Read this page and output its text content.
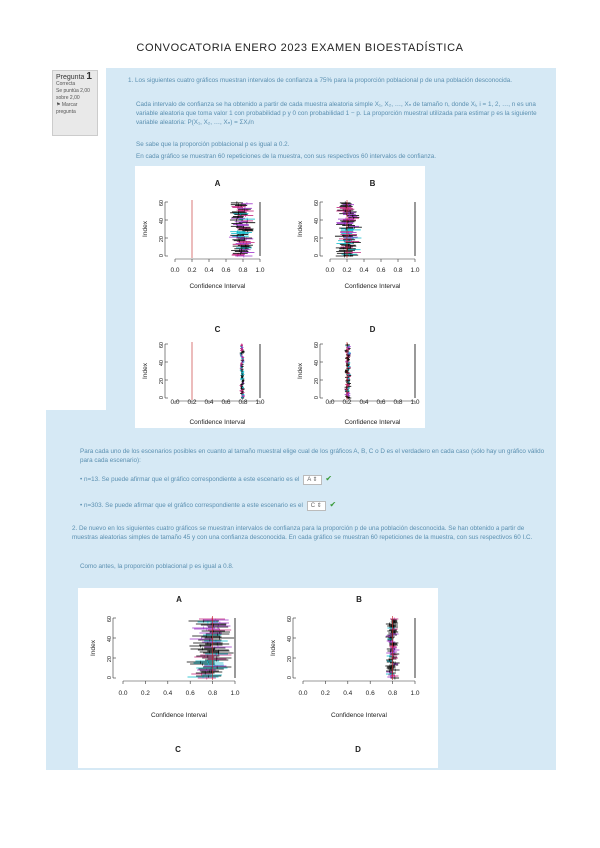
CONVOCATORIA ENERO 2023 EXAMEN BIOESTADÍSTICA
Pregunta 1
Correcta
Se puntúa 2,00 sobre 2,00
⚑ Marcar pregunta
1. Los siguientes cuatro gráficos muestran intervalos de confianza a 75% para la proporción poblacional p de una población desconocida.
Cada intervalo de confianza se ha obtenido a partir de cada muestra aleatoria simple X₁, X₂, …, Xₙ de tamaño n, donde Xᵢ, i = 1, 2, …, n es una variable aleatoria que toma valor 1 con probabilidad p y 0 con probabilidad 1 − p. La proporción muestral utilizada para estimar p es la siguiente variable aleatoria: P(X₁, X₂, …, Xₙ) = ΣXᵢ/n
Se sabe que la proporción poblacional p es igual a 0.2.
En cada gráfico se muestran 60 repeticiones de la muestra, con sus respectivos 60 intervalos de confianza.
A
0.0 0.2 0.4 0.6 0.8 1.0
Confidence Interval
0
20
40
60
Index
B
0.0 0.2 0.4 0.6 0.8 1.0
Confidence Interval
0
20
40
60
Index
C
0.0 0.2 0.4 0.6 0.8 1.0
Confidence Interval
0
20
40
60
Index
D
0.0 0.2 0.4 0.6 0.8 1.0
Confidence Interval
0
20
40
60
Index
Para cada uno de los escenarios posibles en cuanto al tamaño muestral elige cual de los gráficos A, B, C o D es el verdadero en cada caso (sólo hay un gráfico válido para cada escenario):
• n=13. Se puede afirmar que el gráfico correspondiente a este escenario es el A ⇕ ✔
• n=303. Se puede afirmar que el gráfico correspondiente a este escenario es el C ⇕ ✔
2. De nuevo en los siguientes cuatro gráficos se muestran intervalos de confianza para la proporción p de una población desconocida. Se han obtenido a partir de muestras aleatorias simples de tamaño 45 y con una confianza desconocida. En cada gráfico se muestran 60 repeticiones de la muestra, con sus respectivos 60 I.C.
Como antes, la proporción poblacional p es igual a 0.8.
A
0.0 0.2 0.4 0.6 0.8 1.0
Confidence Interval
0
20
40
60
Index
B
0.0 0.2 0.4 0.6 0.8 1.0
Confidence Interval
0
20
40
60
Index
C	D
